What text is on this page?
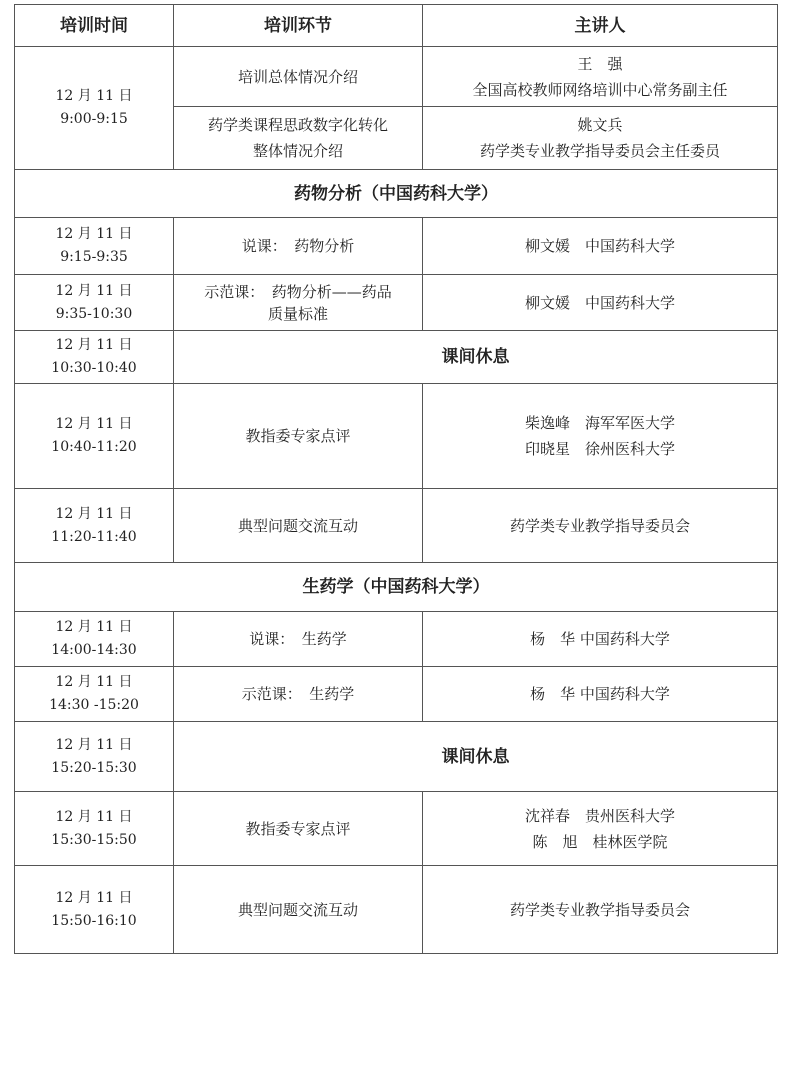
培训时间	培训环节	主讲人

12 月 11 日
9:00-9:15	培训总体情况介绍	王　强
全国高校教师网络培训中心常务副主任

	药学类课程思政数字化转化
整体情况介绍	姚文兵
药学类专业教学指导委员会主任委员

药物分析（中国药科大学）		

12 月 11 日
9:15-9:35	说课：　药物分析	柳文媛　中国药科大学

12 月 11 日
9:35-10:30	示范课：　药物分析——药品
质量标准	柳文媛　中国药科大学

12 月 11 日
10:30-10:40	课间休息	

12 月 11 日
10:40-11:20	教指委专家点评	柴逸峰　海军军医大学
印晓星　徐州医科大学

12 月 11 日
11:20-11:40	典型问题交流互动	药学类专业教学指导委员会
生药学（中国药科大学）		

12 月 11 日
14:00-14:30	说课：　生药学	杨　华 中国药科大学

12 月 11 日
14:30 -15:20	示范课：　生药学	杨　华 中国药科大学

12 月 11 日
15:20-15:30	课间休息	

12 月 11 日
15:30-15:50	教指委专家点评	沈祥春　贵州医科大学
陈　旭　桂林医学院

12 月 11 日
15:50-16:10	典型问题交流互动	药学类专业教学指导委员会
